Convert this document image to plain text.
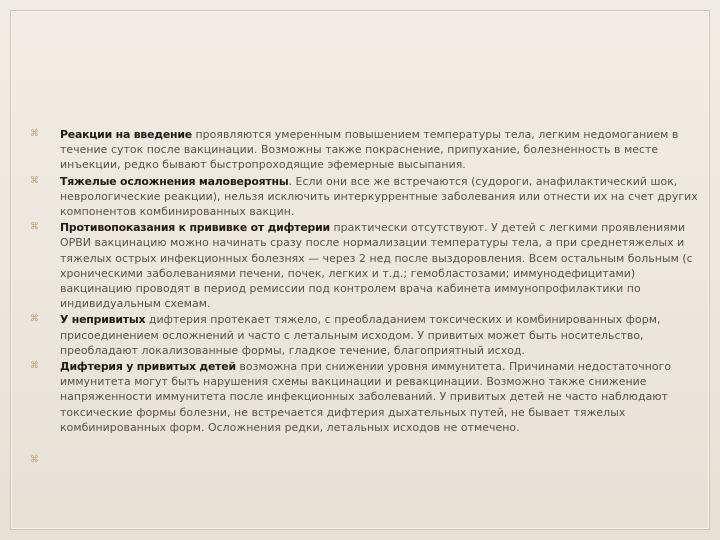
⌘ Реакции на введение проявляются умеренным повышением температуры тела, легким недомоганием в течение суток после вакцинации. Возможны также покраснение, припухание, болезненность в месте инъекции, редко бывают быстропроходящие эфемерные высыпания.
⌘ Тяжелые осложнения маловероятны. Если они все же встречаются (судороги, анафилактический шок, неврологические реакции), нельзя исключить интеркуррентные заболевания или отнести их на счет других компонентов комбинированных вакцин.
⌘ Противопоказания к прививке от дифтерии практически отсутствуют. У детей с легкими проявлениями ОРВИ вакцинацию можно начинать сразу после нормализации температуры тела, а при среднетяжелых и тяжелых острых инфекционных болезнях — через 2 нед после выздоровления. Всем остальным больным (с хроническими заболеваниями печени, почек, легких и т.д.; гемобластозами; иммунодефицитами) вакцинацию проводят в период ремиссии под контролем врача кабинета иммунопрофилактики по индивидуальным схемам.
⌘ У непривитых дифтерия протекает тяжело, с преобладанием токсических и комбинированных форм, присоединением осложнений и часто с летальным исходом. У привитых может быть носительство, преобладают локализованные формы, гладкое течение, благоприятный исход.
⌘ Дифтерия у привитых детей возможна при снижении уровня иммунитета. Причинами недостаточного иммунитета могут быть нарушения схемы вакцинации и ревакцинации. Возможно также снижение напряженности иммунитета после инфекционных заболеваний. У привитых детей не часто наблюдают токсические формы болезни, не встречается дифтерия дыхательных путей, не бывает тяжелых комбинированных форм. Осложнения редки, летальных исходов не отмечено.
⌘
